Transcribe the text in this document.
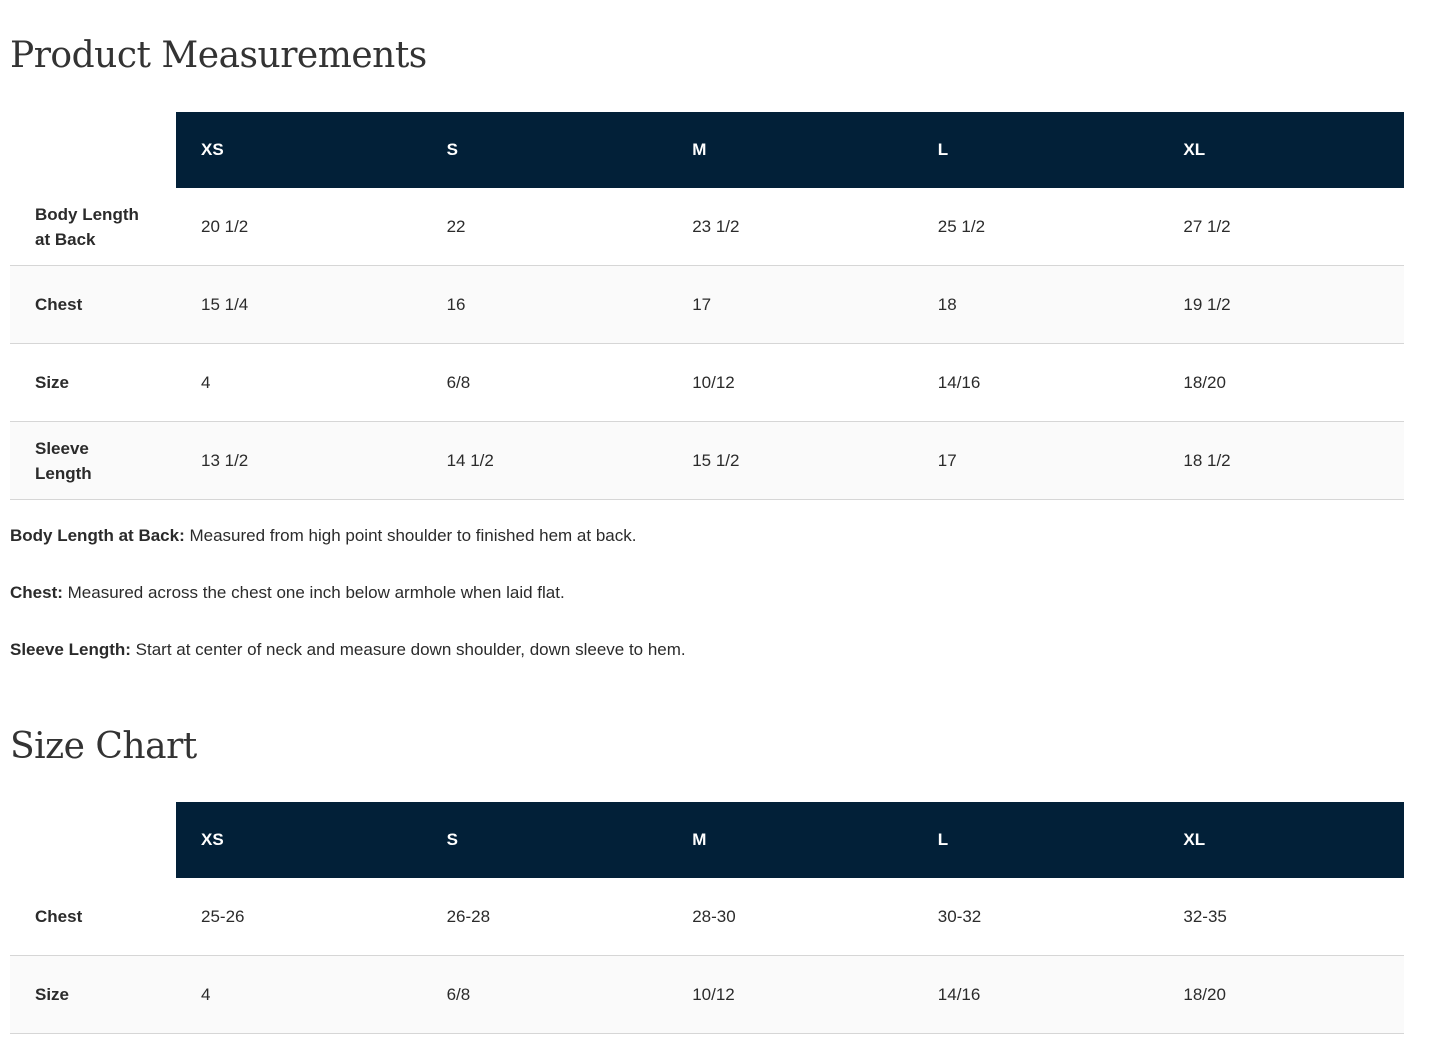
Product Measurements
	XS	S	M	L	XL
Body Length at Back	20 1/2	22	23 1/2	25 1/2	27 1/2
Chest	15 1/4	16	17	18	19 1/2
Size	4	6/8	10/12	14/16	18/20
Sleeve Length	13 1/2	14 1/2	15 1/2	17	18 1/2

Body Length at Back: Measured from high point shoulder to finished hem at back.

Chest: Measured across the chest one inch below armhole when laid flat.

Sleeve Length: Start at center of neck and measure down shoulder, down sleeve to hem.

Size Chart
	XS	S	M	L	XL
Chest	25-26	26-28	28-30	30-32	32-35
Size	4	6/8	10/12	14/16	18/20
